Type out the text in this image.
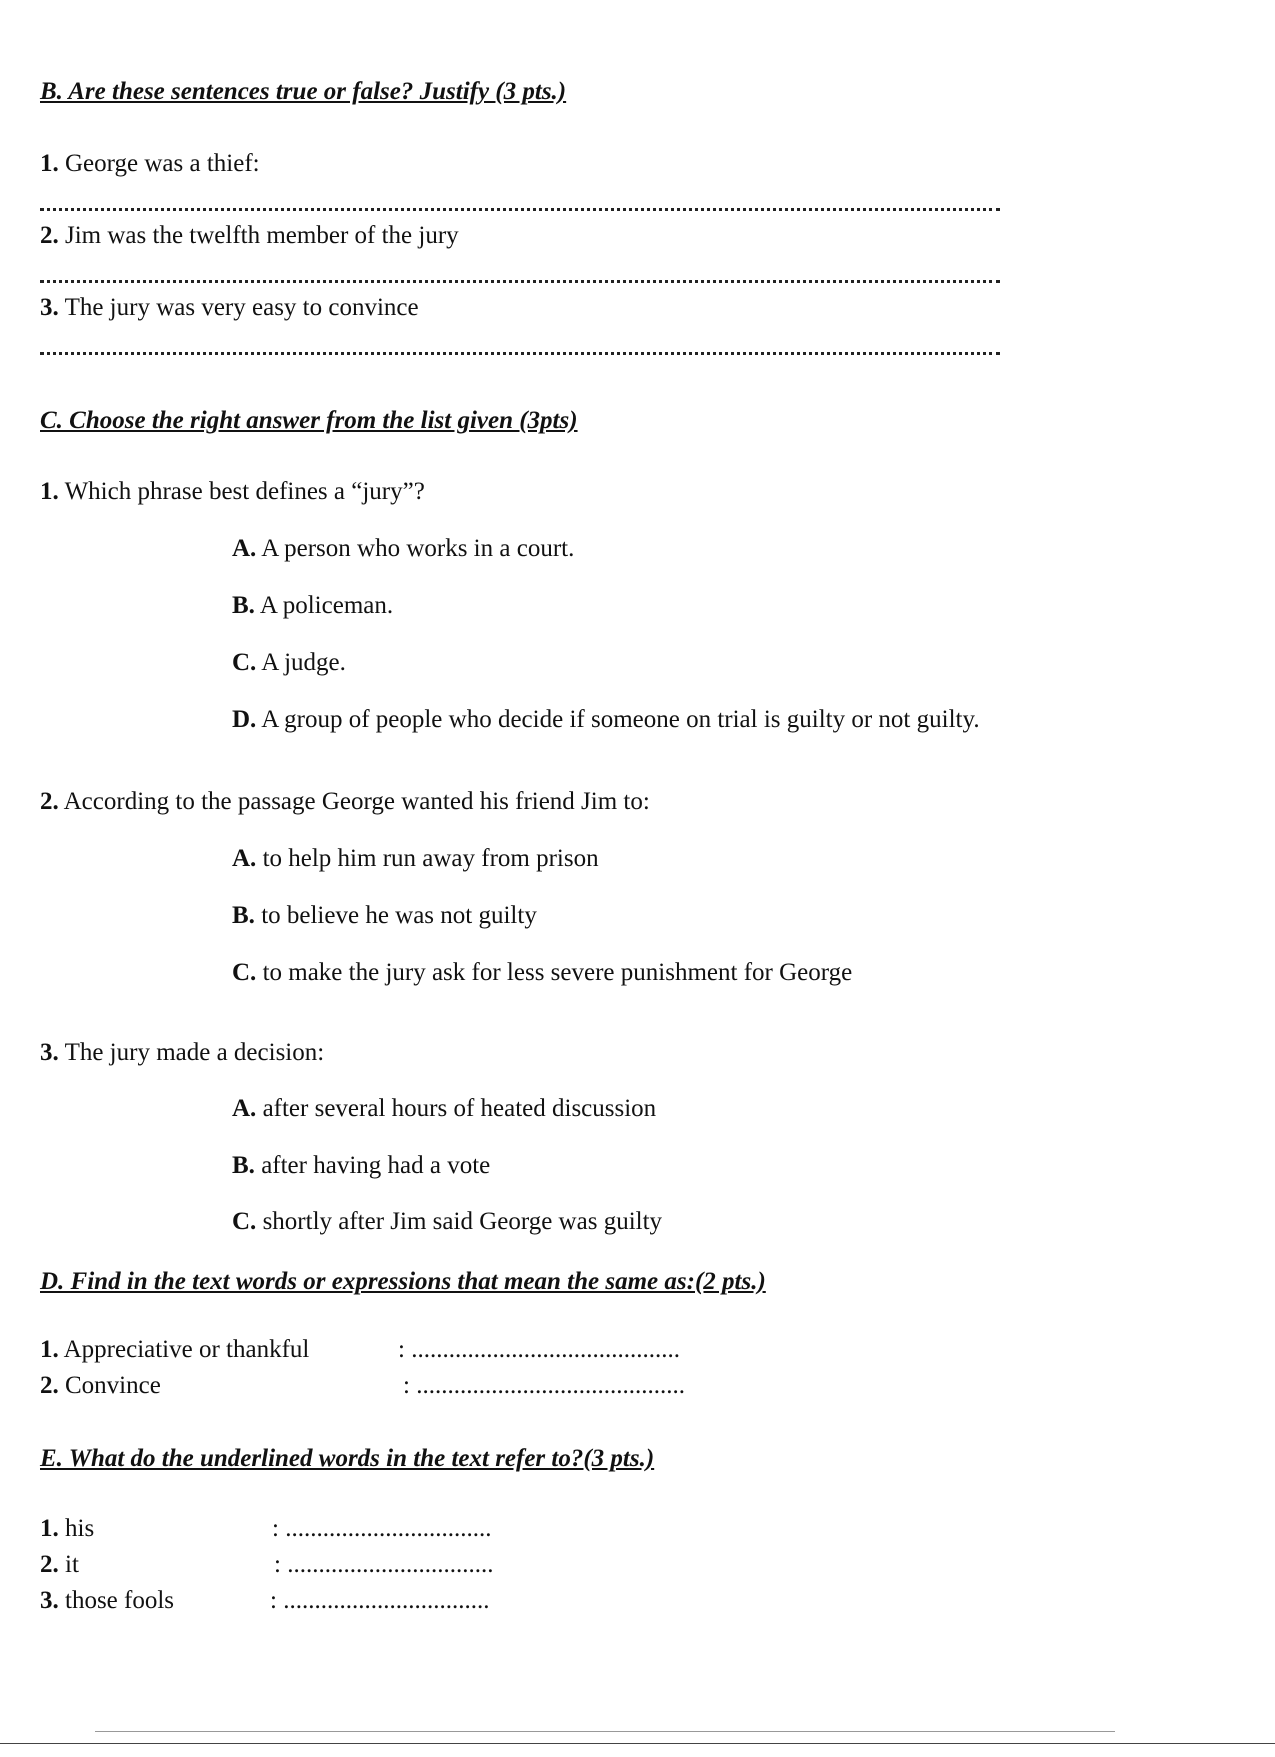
B. Are these sentences true or false? Justify (3 pts.)
1. George was a thief:
2. Jim was the twelfth member of the jury
3. The jury was very easy to convince
C. Choose the right answer from the list given (3pts)
1. Which phrase best defines a “jury”?
A. A person who works in a court.
B. A policeman.
C. A judge.
D. A group of people who decide if someone on trial is guilty or not guilty.
2. According to the passage George wanted his friend Jim to:
A. to help him run away from prison
B. to believe he was not guilty
C. to make the jury ask for less severe punishment for George
3. The jury made a decision:
A. after several hours of heated discussion
B. after having had a vote
C. shortly after Jim said George was guilty
D. Find in the text words or expressions that mean the same as:(2 pts.)
1. Appreciative or thankful	: ...........................................
2. Convince	: ...........................................
E. What do the underlined words in the text refer to?(3 pts.)
1. his	: .................................
2. it	: .................................
3. those fools	: .................................
